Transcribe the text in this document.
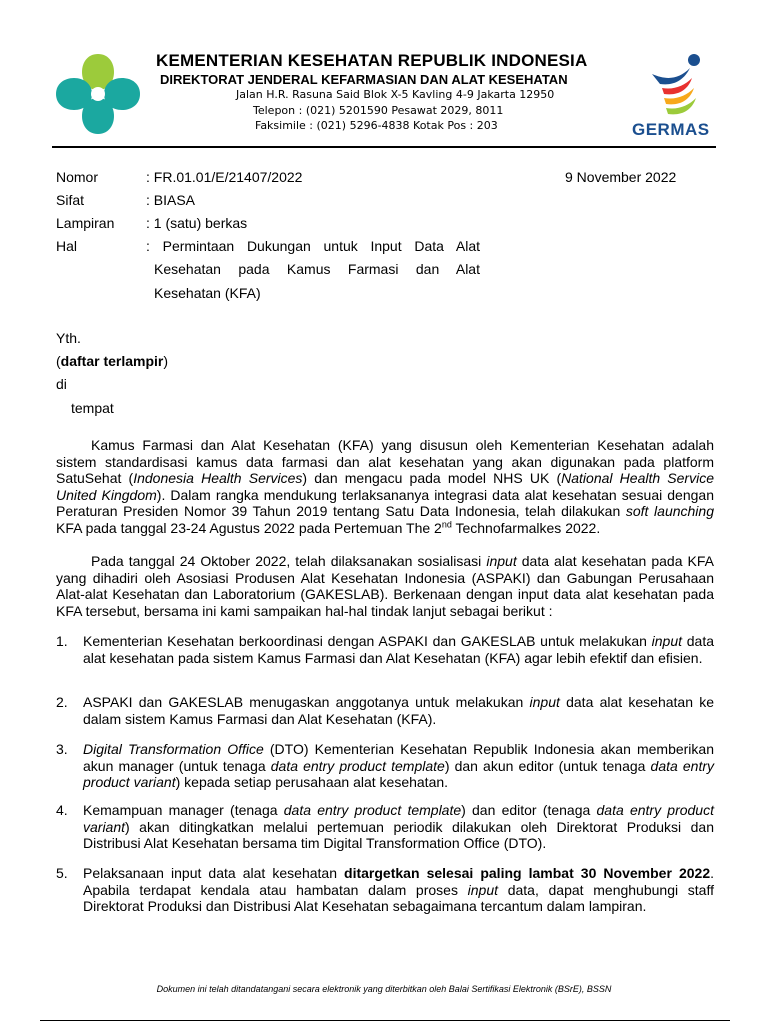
KEMENTERIAN KESEHATAN REPUBLIK INDONESIA
DIREKTORAT JENDERAL KEFARMASIAN DAN ALAT KESEHATAN
Jalan H.R. Rasuna Said Blok X-5 Kavling 4-9 Jakarta 12950
Telepon : (021) 5201590 Pesawat 2029, 8011
Faksimile : (021) 5296-4838 Kotak Pos : 203	GERMAS
Nomor	: FR.01.01/E/21407/2022	9 November 2022
Sifat	: BIASA
Lampiran : 1 (satu) berkas
Hal	: Permintaan Dukungan untuk Input Data Alat
Kesehatan pada Kamus Farmasi dan Alat
Kesehatan (KFA)
Yth.
(daftar terlampir)
di
tempat
Kamus Farmasi dan Alat Kesehatan (KFA) yang disusun oleh Kementerian Kesehatan adalah sistem standardisasi kamus data farmasi dan alat kesehatan yang akan digunakan pada platform SatuSehat (Indonesia Health Services) dan mengacu pada model NHS UK (National Health Service United Kingdom). Dalam rangka mendukung terlaksananya integrasi data alat kesehatan sesuai dengan Peraturan Presiden Nomor 39 Tahun 2019 tentang Satu Data Indonesia, telah dilakukan soft launching KFA pada tanggal 23-24 Agustus 2022 pada Pertemuan The 2nd Technofarmalkes 2022.
Pada tanggal 24 Oktober 2022, telah dilaksanakan sosialisasi input data alat kesehatan pada KFA yang dihadiri oleh Asosiasi Produsen Alat Kesehatan Indonesia (ASPAKI) dan Gabungan Perusahaan Alat-alat Kesehatan dan Laboratorium (GAKESLAB). Berkenaan dengan input data alat kesehatan pada KFA tersebut, bersama ini kami sampaikan hal-hal tindak lanjut sebagai berikut :
1. Kementerian Kesehatan berkoordinasi dengan ASPAKI dan GAKESLAB untuk melakukan input data alat kesehatan pada sistem Kamus Farmasi dan Alat Kesehatan (KFA) agar lebih efektif dan efisien.
2. ASPAKI dan GAKESLAB menugaskan anggotanya untuk melakukan input data alat kesehatan ke dalam sistem Kamus Farmasi dan Alat Kesehatan (KFA).
3. Digital Transformation Office (DTO) Kementerian Kesehatan Republik Indonesia akan memberikan akun manager (untuk tenaga data entry product template) dan akun editor (untuk tenaga data entry product variant) kepada setiap perusahaan alat kesehatan.
4. Kemampuan manager (tenaga data entry product template) dan editor (tenaga data entry product variant) akan ditingkatkan melalui pertemuan periodik dilakukan oleh Direktorat Produksi dan Distribusi Alat Kesehatan bersama tim Digital Transformation Office (DTO).
5. Pelaksanaan input data alat kesehatan ditargetkan selesai paling lambat 30 November 2022. Apabila terdapat kendala atau hambatan dalam proses input data, dapat menghubungi staff Direktorat Produksi dan Distribusi Alat Kesehatan sebagaimana tercantum dalam lampiran.
Dokumen ini telah ditandatangani secara elektronik yang diterbitkan oleh Balai Sertifikasi Elektronik (BSrE), BSSN
